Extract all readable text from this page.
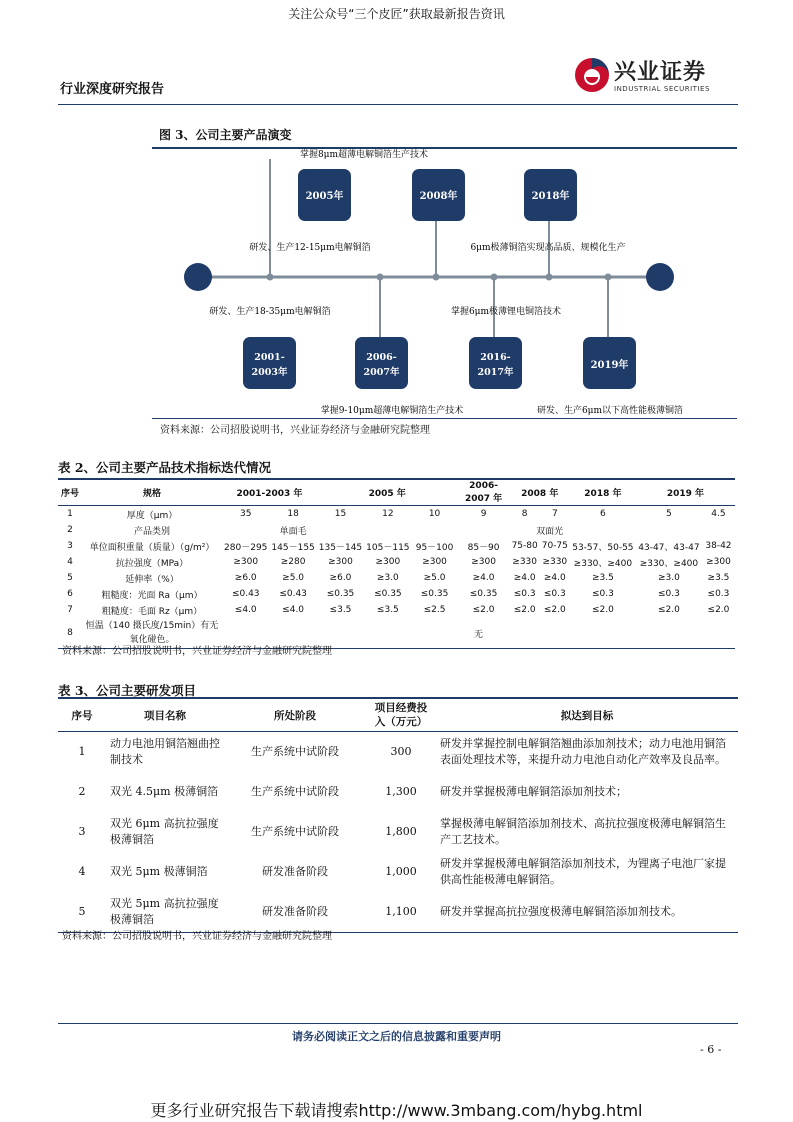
关注公众号“三个皮匠”获取最新报告资讯
行业深度研究报告
兴业证券
INDUSTRIAL SECURITIES
图 3、公司主要产品演变
2005年	2008年	2018年
2001-
2003年
2006-
2007年
2016-
2017年
2019年
掌握8μm超薄电解铜箔生产技术
研发、生产12-15μm电解铜箔	6μm极薄铜箔实现高品质、规模化生产
研发、生产18-35μm电解铜箔	掌握6μm极薄锂电铜箔技术
掌握9-10μm超薄电解铜箔生产技术	研发、生产6μm以下高性能极薄铜箔
资料来源：公司招股说明书，兴业证券经济与金融研究院整理
表 2、公司主要产品技术指标迭代情况
序号	规格	2001-2003 年		2005 年			2006- 2007 年	2008 年		2018 年	2019 年	
1	厚度（μm）	35	18	15	12	10	9	8	7	6	5	4.5
2	产品类别	单面毛			双面光							
3	单位面积重量（质量）（g/m²）	280－295	145－155	135－145	105－115	95－100	85－90	75-80	70-75	53-57、50-55	43-47、43-47	38-42
4	抗拉强度（MPa）	≥300	≥280	≥300	≥300	≥300	≥300	≥330	≥330	≥330、≥400	≥330、≥400	≥300
5	延伸率（%）	≥6.0	≥5.0	≥6.0	≥3.0	≥5.0	≥4.0	≥4.0	≥4.0	≥3.5	≥3.0	≥3.5
6	粗糙度：光面 Ra（μm）	≤0.43	≤0.43	≤0.35	≤0.35	≤0.35	≤0.35	≤0.3	≤0.3	≤0.3	≤0.3	≤0.3
7	粗糙度：毛面 Rz（μm）	≤4.0	≤4.0	≤3.5	≤3.5	≤2.5	≤2.0	≤2.0	≤2.0	≤2.0	≤2.0	≤2.0
8	恒温（140 摄氏度/15min）有无
氧化碰色。	无										
资料来源：公司招股说明书，兴业证券经济与金融研究院整理
表 3、公司主要研发项目
序号	项目名称	所处阶段	项目经费投
入（万元）	拟达到目标
1	动力电池用铜箔翘曲控制技术	生产系统中试阶段	300	研发并掌握控制电解铜箔翘曲添加剂技术；动力电池用铜箔表面处理技术等，来提升动力电池自动化产效率及良品率。
2	双光 4.5μm 极薄铜箔	生产系统中试阶段	1,300	研发并掌握极薄电解铜箔添加剂技术；
3	双光 6μm 高抗拉强度极薄铜箔	生产系统中试阶段	1,800	掌握极薄电解铜箔添加剂技术、高抗拉强度极薄电解铜箔生产工艺技术。
4	双光 5μm 极薄铜箔	研发准备阶段	1,000	研发并掌握极薄电解铜箔添加剂技术，为锂离子电池厂家提供高性能极薄电解铜箔。
5	双光 5μm 高抗拉强度极薄铜箔	研发准备阶段	1,100	研发并掌握高抗拉强度极薄电解铜箔添加剂技术。
资料来源：公司招股说明书，兴业证券经济与金融研究院整理
请务必阅读正文之后的信息披露和重要声明
- 6 -
更多行业研究报告下载请搜索http://www.3mbang.com/hybg.html
